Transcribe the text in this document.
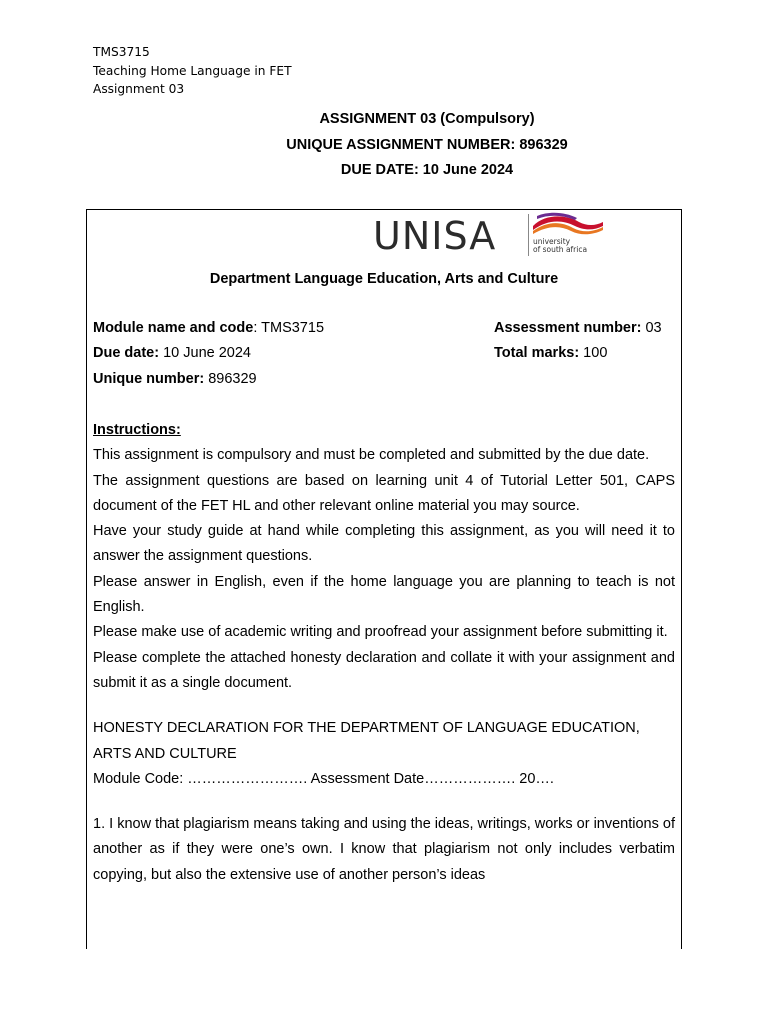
TMS3715
Teaching Home Language in FET
Assignment 03
ASSIGNMENT 03 (Compulsory)
UNIQUE ASSIGNMENT NUMBER: 896329
DUE DATE: 10 June 2024
UNISA	university
of south africa
Department Language Education, Arts and Culture
Module name and code: TMS3715	Assessment number: 03
Due date: 10 June 2024	Total marks: 100
Unique number: 896329

Instructions:

This assignment is compulsory and must be completed and submitted by the due date.

The assignment questions are based on learning unit 4 of Tutorial Letter 501, CAPS document of the FET HL and other relevant online material you may source.

Have your study guide at hand while completing this assignment, as you will need it to answer the assignment questions.

Please answer in English, even if the home language you are planning to teach is not English.

Please make use of academic writing and proofread your assignment before submitting it.

Please complete the attached honesty declaration and collate it with your assignment and submit it as a single document.

HONESTY DECLARATION FOR THE DEPARTMENT OF LANGUAGE EDUCATION, ARTS AND CULTURE

Module Code: ……………………. Assessment Date………………. 20….

1. I know that plagiarism means taking and using the ideas, writings, works or inventions of another as if they were one’s own. I know that plagiarism not only includes verbatim copying, but also the extensive use of another person’s ideas
